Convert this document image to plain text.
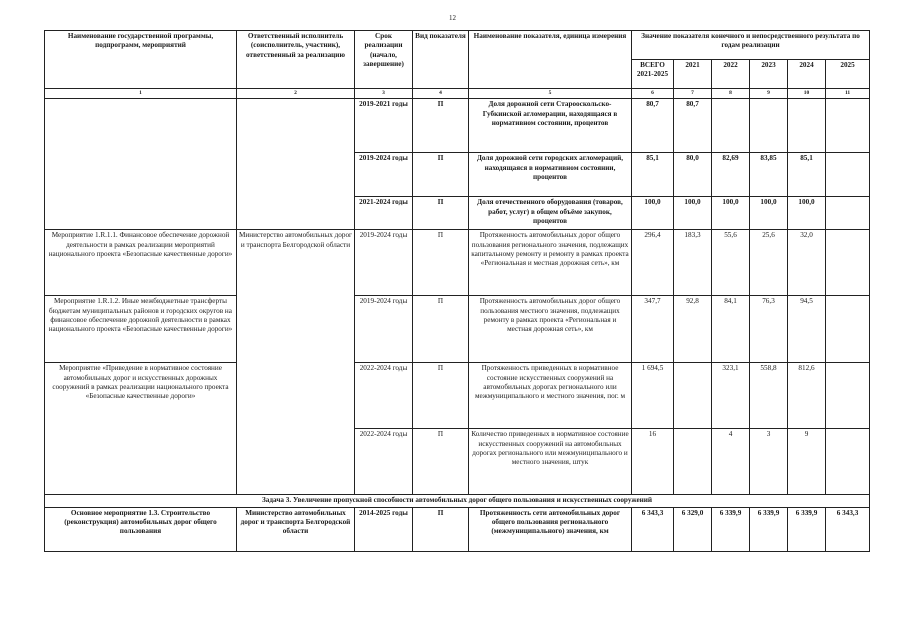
12
Наименование государственной программы, подпрограмм, мероприятий	Ответственный исполнитель (соисполнитель, участник), ответственный за реализацию	Срок реализации (начало, завершение)	Вид показателя	Наименование показателя, единица измерения	Значение показателя конечного и непосредственного результата по годам реализации					
					ВСЕГО 2021-2025	2021	2022	2023	2024	2025
1	2	3	4	5	6	7	8	9	10	11
		2019-2021 годы	П	Доля дорожной сети Старооскольско-Губкинской агломерации, находящаяся в нормативном состоянии, процентов	80,7	80,7				
		2019-2024 годы	П	Доля дорожной сети городских агломераций, находящаяся в нормативном состоянии, процентов	85,1	80,0	82,69	83,85	85,1	
		2021-2024 годы	П	Доля отечественного оборудования (товаров, работ, услуг) в общем объёме закупок, процентов	100,0	100,0	100,0	100,0	100,0	
Мероприятие 1.R.1.1. Финансовое обеспечение дорожной деятельности в рамках реализации мероприятий национального проекта «Безопасные качественные дороги»	Министерство автомобильных дорог и транспорта Белгородской области	2019-2024 годы	П	Протяженность автомобильных дорог общего пользования регионального значения, подлежащих капитальному ремонту и ремонту в рамках проекта «Региональная и местная дорожная сеть», км	296,4	183,3	55,6	25,6	32,0	
Мероприятие 1.R.1.2. Иные межбюджетные трансферты бюджетам муниципальных районов и городских округов на финансовое обеспечение дорожной деятельности в рамках национального проекта «Безопасные качественные дороги»		2019-2024 годы	П	Протяженность автомобильных дорог общего пользования местного значения, подлежащих ремонту в рамках проекта «Региональная и местная дорожная сеть», км	347,7	92,8	84,1	76,3	94,5	
Мероприятие «Приведение в нормативное состояние автомобильных дорог и искусственных дорожных сооружений в рамках реализации национального проекта «Безопасные качественные дороги»		2022-2024 годы	П	Протяженность приведенных в нормативное состояние искусственных сооружений на автомобильных дорогах регионального или межмуниципального и местного значения, пог. м	1 694,5		323,1	558,8	812,6	
		2022-2024 годы	П	Количество приведенных в нормативное состояние искусственных сооружений на автомобильных дорогах регионального или межмуниципального и местного значения, штук	16		4	3	9	
Задача 3. Увеличение пропускной способности автомобильных дорог общего пользования и искусственных сооружений										
Основное мероприятие 1.3. Строительство (реконструкция) автомобильных дорог общего пользования	Министерство автомобильных дорог и транспорта Белгородской области	2014-2025 годы	П	Протяженность сети автомобильных дорог общего пользования регионального (межмуниципального) значения, км	6 343,3	6 329,0	6 339,9	6 339,9	6 339,9	6 343,3
